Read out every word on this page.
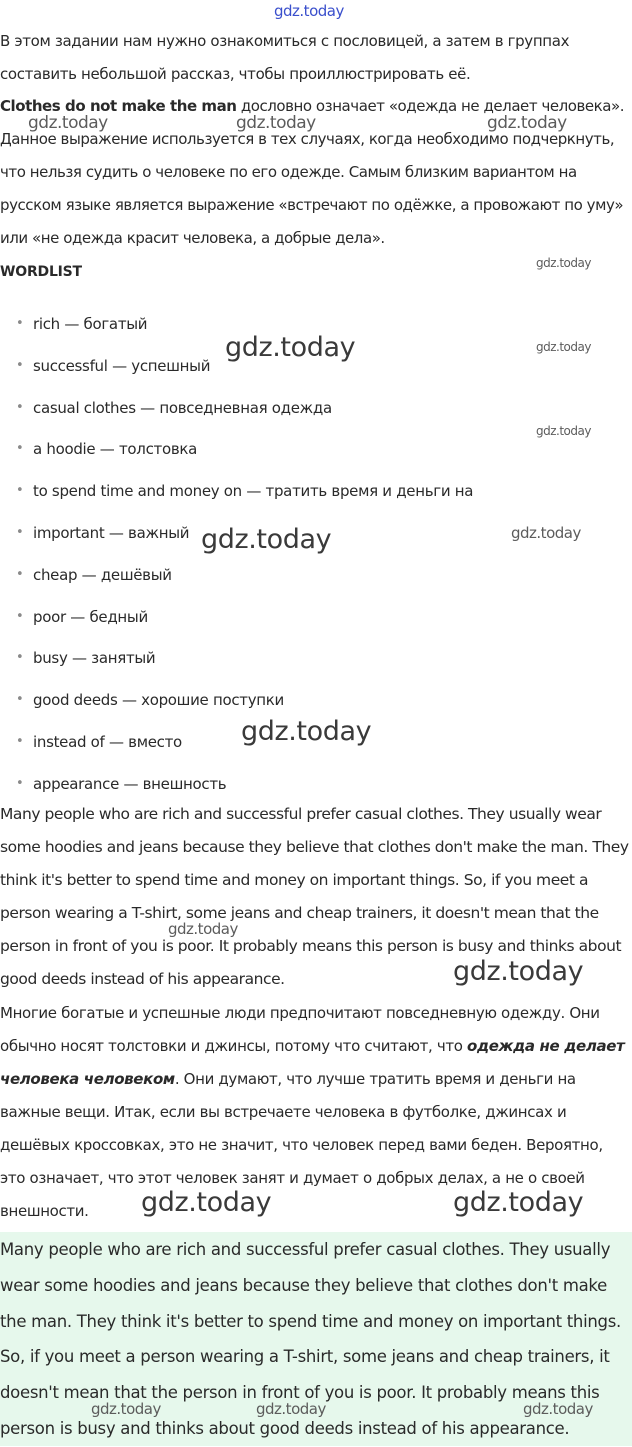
В этом задании нам нужно ознакомиться с пословицей, а затем в группах составить небольшой рассказ, чтобы проиллюстрировать её.

Clothes do not make the man дословно означает «одежда не делает человека». Данное выражение используется в тех случаях, когда необходимо подчеркнуть, что нельзя судить о человеке по его одежде. Самым близким вариантом на русском языке является выражение «встречают по одёжке, а провожают по уму» или «не одежда красит человека, а добрые дела».

WORDLIST
• rich — богатый
• successful — успешный
• casual clothes — повседневная одежда
• a hoodie — толстовка
• to spend time and money on — тратить время и деньги на
• important — важный
• cheap — дешёвый
• poor — бедный
• busy — занятый
• good deeds — хорошие поступки
• instead of — вместо
• appearance — внешность

Many people who are rich and successful prefer casual clothes. They usually wear some hoodies and jeans because they believe that clothes don't make the man. They think it's better to spend time and money on important things. So, if you meet a person wearing a T-shirt, some jeans and cheap trainers, it doesn't mean that the person in front of you is poor. It probably means this person is busy and thinks about good deeds instead of his appearance.

Многие богатые и успешные люди предпочитают повседневную одежду. Они обычно носят толстовки и джинсы, потому что считают, что одежда не делает человека человеком. Они думают, что лучше тратить время и деньги на важные вещи. Итак, если вы встречаете человека в футболке, джинсах и дешёвых кроссовках, это не значит, что человек перед вами беден. Вероятно, это означает, что этот человек занят и думает о добрых делах, а не о своей внешности.

Many people who are rich and successful prefer casual clothes. They usually wear some hoodies and jeans because they believe that clothes don't make the man. They think it's better to spend time and money on important things. So, if you meet a person wearing a T-shirt, some jeans and cheap trainers, it doesn't mean that the person in front of you is poor. It probably means this person is busy and thinks about good deeds instead of his appearance.

gdz.today
gdz.today	gdz.today	gdz.today
gdz.today
gdz.today	gdz.today
gdz.today
gdz.today	gdz.today
gdz.today
gdz.today
gdz.today
gdz.today	gdz.today
gdz.today	gdz.today	gdz.today
